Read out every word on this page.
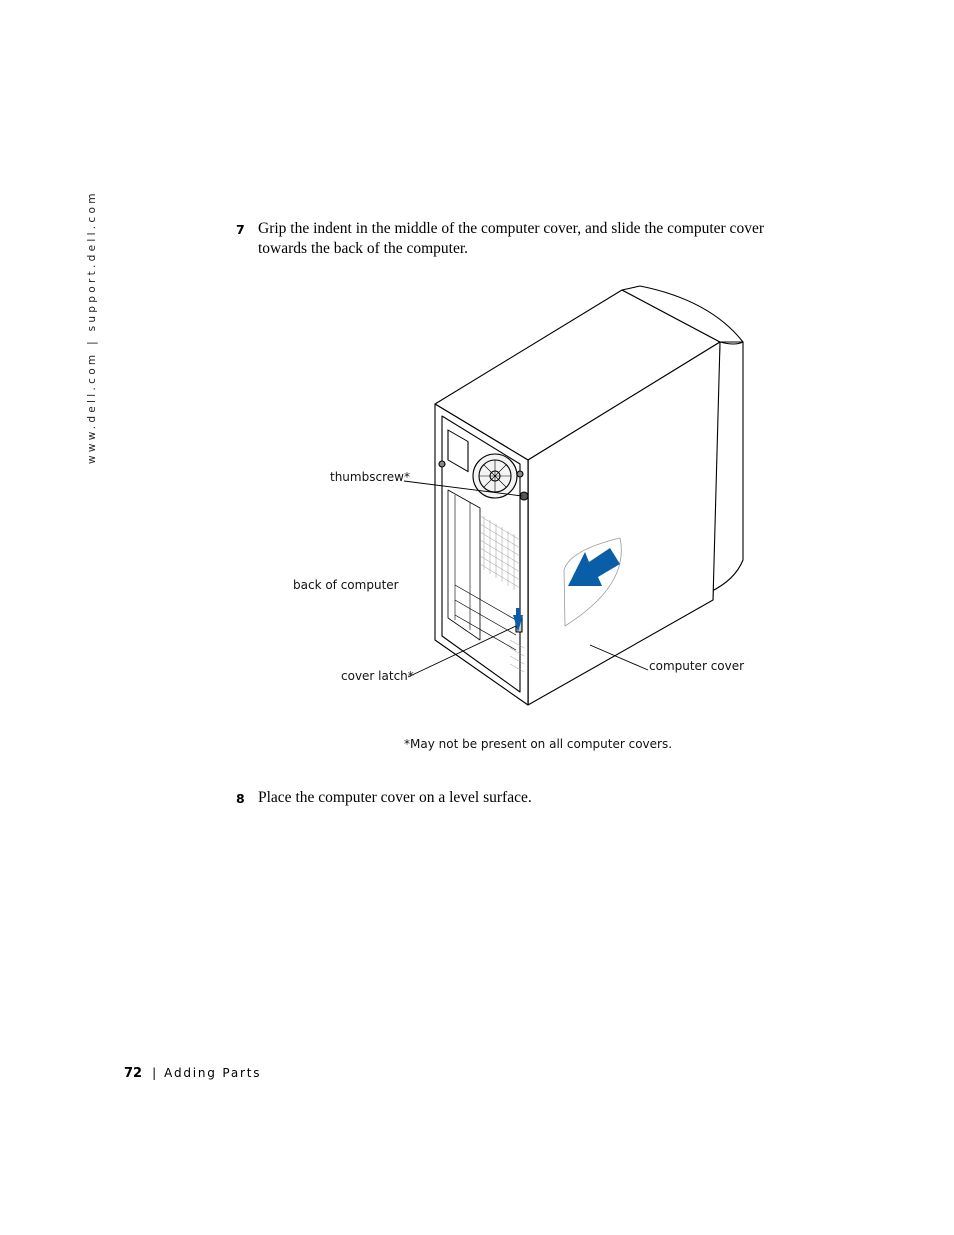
www.dell.com | support.dell.com	7 Grip the indent in the middle of the computer cover, and slide the computer cover towards the back of the computer.
thumbscrew*
back of computer
cover latch*
computer cover
*May not be present on all computer covers.
8 Place the computer cover on a level surface.
72 | Adding Parts
